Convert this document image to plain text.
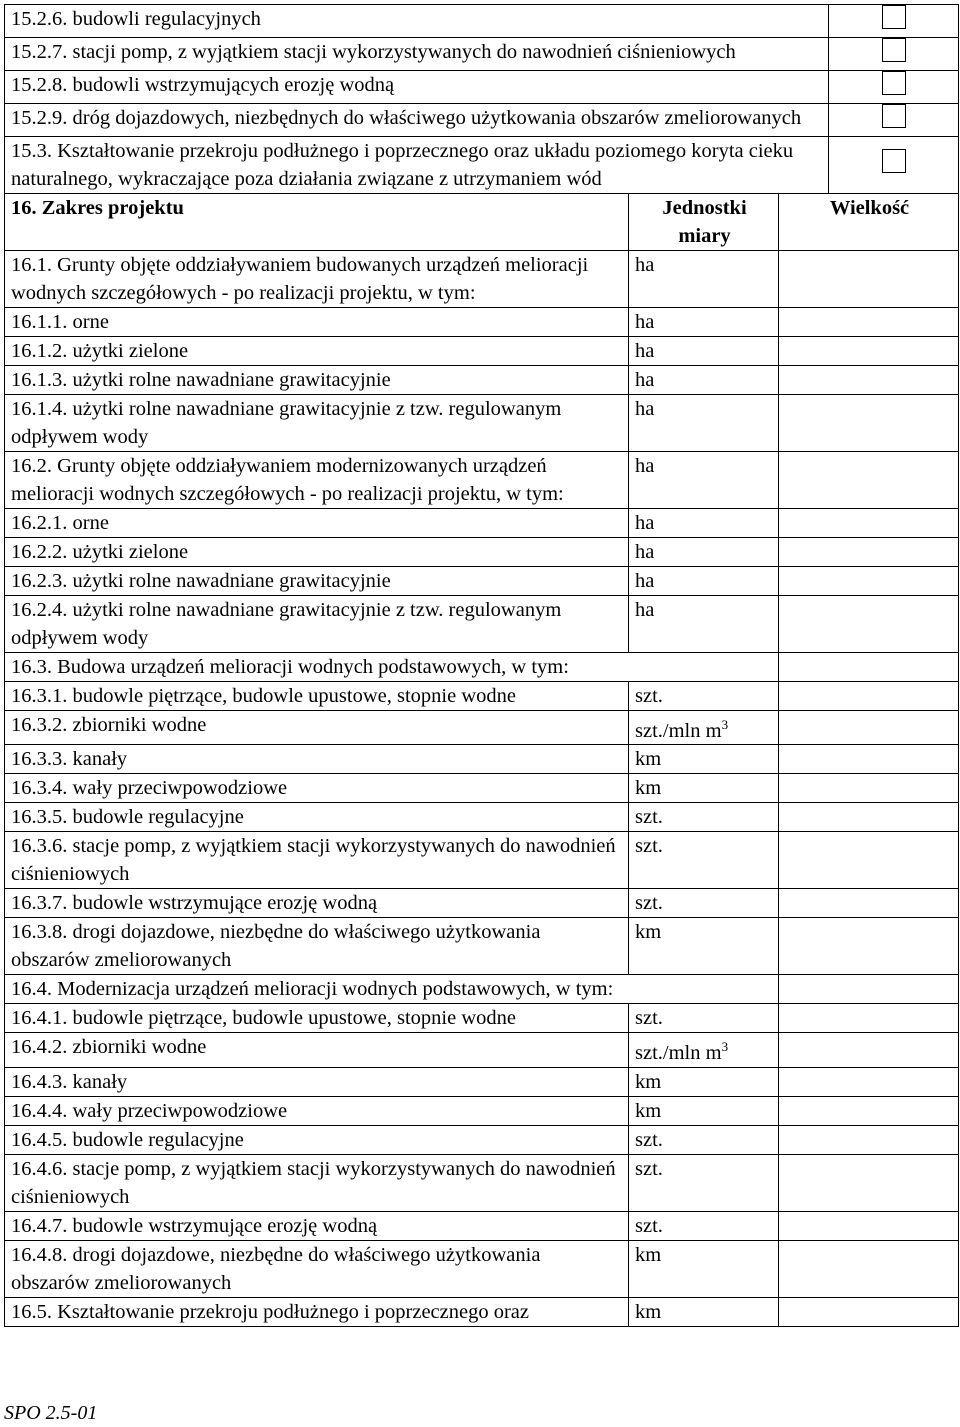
15.2.6. budowli regulacyjnych	
15.2.7. stacji pomp, z wyjątkiem stacji wykorzystywanych do nawodnień ciśnieniowych	
15.2.8. budowli wstrzymujących erozję wodną	
15.2.9. dróg dojazdowych, niezbędnych do właściwego użytkowania obszarów zmeliorowanych	
15.3. Kształtowanie przekroju podłużnego i poprzecznego oraz układu poziomego koryta cieku naturalnego, wykraczające poza działania związane z utrzymaniem wód	
16. Zakres projektu	Jednostki miary	Wielkość
16.1. Grunty objęte oddziaływaniem budowanych urządzeń melioracji wodnych szczegółowych - po realizacji projektu, w tym:	ha	
16.1.1. orne	ha	
16.1.2. użytki zielone	ha	
16.1.3. użytki rolne nawadniane grawitacyjnie	ha	
16.1.4. użytki rolne nawadniane grawitacyjnie z tzw. regulowanym odpływem wody	ha	
16.2. Grunty objęte oddziaływaniem modernizowanych urządzeń melioracji wodnych szczegółowych - po realizacji projektu, w tym:	ha	
16.2.1. orne	ha	
16.2.2. użytki zielone	ha	
16.2.3. użytki rolne nawadniane grawitacyjnie	ha	
16.2.4. użytki rolne nawadniane grawitacyjnie z tzw. regulowanym odpływem wody	ha	
16.3. Budowa urządzeń melioracji wodnych podstawowych, w tym:		
16.3.1. budowle piętrzące, budowle upustowe, stopnie wodne	szt.	
16.3.2. zbiorniki wodne	szt./mln $m^3$	
16.3.3. kanały	km	
16.3.4. wały przeciwpowodziowe	km	
16.3.5. budowle regulacyjne	szt.	
16.3.6. stacje pomp, z wyjątkiem stacji wykorzystywanych do nawodnień ciśnieniowych	szt.	
16.3.7. budowle wstrzymujące erozję wodną	szt.	
16.3.8. drogi dojazdowe, niezbędne do właściwego użytkowania obszarów zmeliorowanych	km	
16.4. Modernizacja urządzeń melioracji wodnych podstawowych, w tym:		
16.4.1. budowle piętrzące, budowle upustowe, stopnie wodne	szt.	
16.4.2. zbiorniki wodne	szt./mln $m^3$	
16.4.3. kanały	km	
16.4.4. wały przeciwpowodziowe	km	
16.4.5. budowle regulacyjne	szt.	
16.4.6. stacje pomp, z wyjątkiem stacji wykorzystywanych do nawodnień ciśnieniowych	szt.	
16.4.7. budowle wstrzymujące erozję wodną	szt.	
16.4.8. drogi dojazdowe, niezbędne do właściwego użytkowania obszarów zmeliorowanych	km	
16.5. Kształtowanie przekroju podłużnego i poprzecznego oraz	km	
SPO 2.5-01
